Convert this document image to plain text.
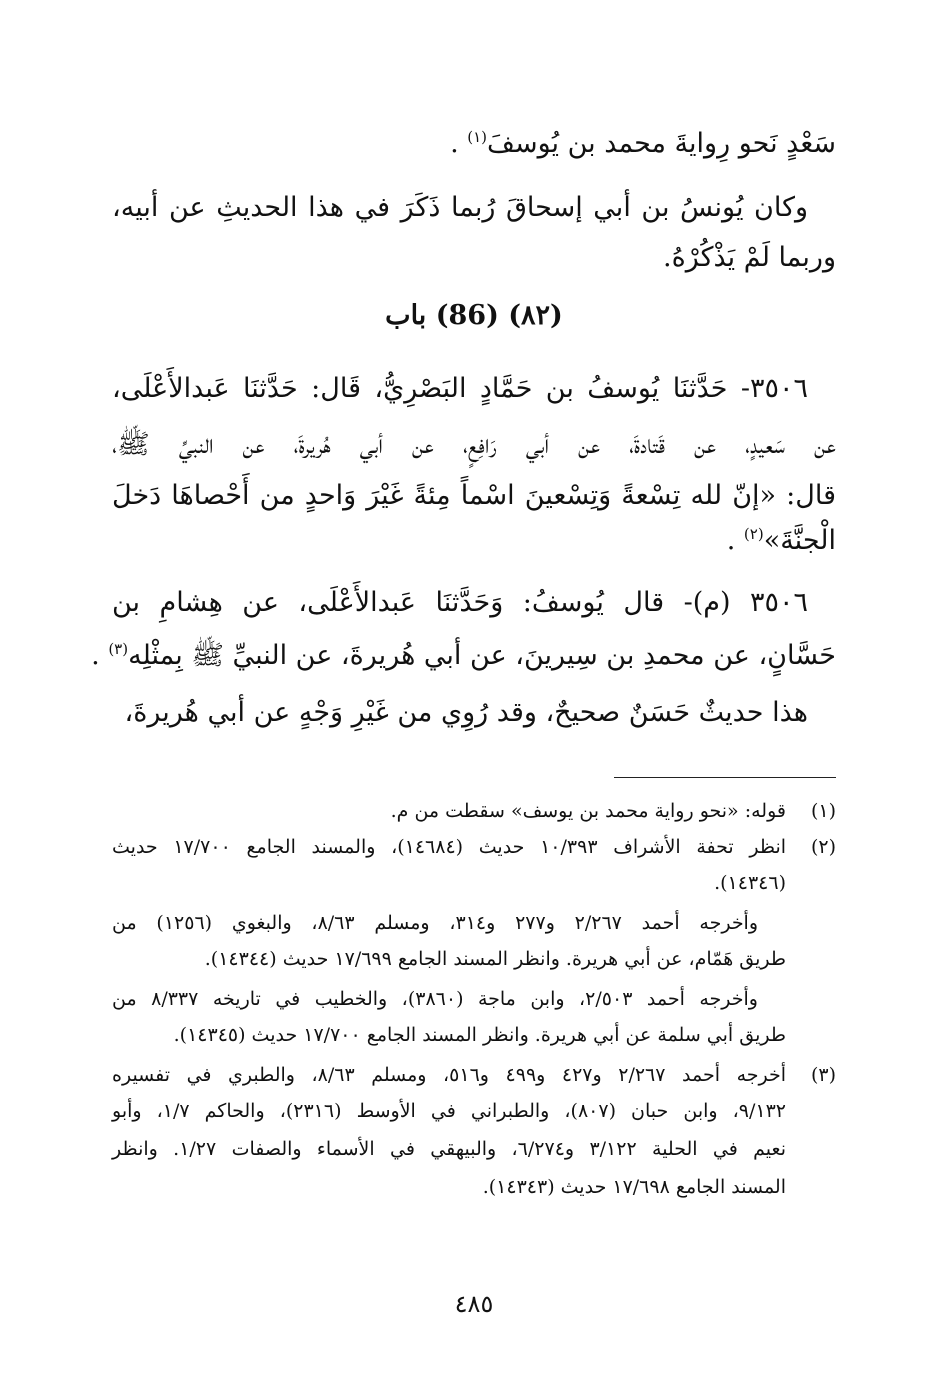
سَعْدٍ نَحو رِوايةَ محمد بن يُوسفَ$^{(١)}$ .
وكان يُونسُ بن أبي إسحاقَ رُبما ذَكَرَ في هذا الحديثِ عن أبيه،
وربما لَمْ يَذْكُرْهُ.
(٨٢) (86) باب
٣٥٠٦- حَدَّثنَا يُوسفُ بن حَمَّادٍ البَصْرِيُّ، قَال: حَدَّثنَا عَبدالأَعْلَى،
عن سَعيدٍ، عن قَتادةَ، عن أبي رَافِعٍ، عن أبي هُريرةَ، عن النبيِّ ﷺ،
قال: «إنّ لله تِسْعةً وَتِسْعينَ اسْماً مِئةً غَيْرَ وَاحدٍ من أَحْصاهَا دَخلَ
الْجنَّةَ»$^{(٢)}$ .
٣٥٠٦ (م)- قال يُوسفُ: وَحَدَّثنَا عَبدالأَعْلَى، عن هِشامِ بن
حَسَّانٍ، عن محمدِ بن سِيرينَ، عن أبي هُريرةَ، عن النبيِّ ﷺ بِمثْلِه$^{(٣)}$ .
هذا حديثٌ حَسَنٌ صحيحٌ، وقد رُوِي من غَيْرِ وَجْهٍ عن أبي هُريرةَ،
(١)
قوله: «نحو رواية محمد بن يوسف» سقطت من م.
(٢)
انظر تحفة الأشراف ١٠/٣٩٣ حديث (١٤٦٨٤)، والمسند الجامع ١٧/٧٠٠ حديث
(١٤٣٤٦).
وأخرجه أحمد ٢/٢٦٧ و٢٧٧ و٣١٤، ومسلم ٨/٦٣، والبغوي (١٢٥٦) من
طريق هَمّام، عن أبي هريرة. وانظر المسند الجامع ١٧/٦٩٩ حديث (١٤٣٤٤).
وأخرجه أحمد ٢/٥٠٣، وابن ماجة (٣٨٦٠)، والخطيب في تاريخه ٨/٣٣٧ من
طريق أبي سلمة عن أبي هريرة. وانظر المسند الجامع ١٧/٧٠٠ حديث (١٤٣٤٥).
(٣)
أخرجه أحمد ٢/٢٦٧ و٤٢٧ و٤٩٩ و٥١٦، ومسلم ٨/٦٣، والطبري في تفسيره
٩/١٣٢، وابن حبان (٨٠٧)، والطبراني في الأوسط (٢٣١٦)، والحاكم ١/٧، وأبو
نعيم في الحلية ٣/١٢٢ و٦/٢٧٤، والبيهقي في الأسماء والصفات ١/٢٧. وانظر
المسند الجامع ١٧/٦٩٨ حديث (١٤٣٤٣).
٤٨٥
